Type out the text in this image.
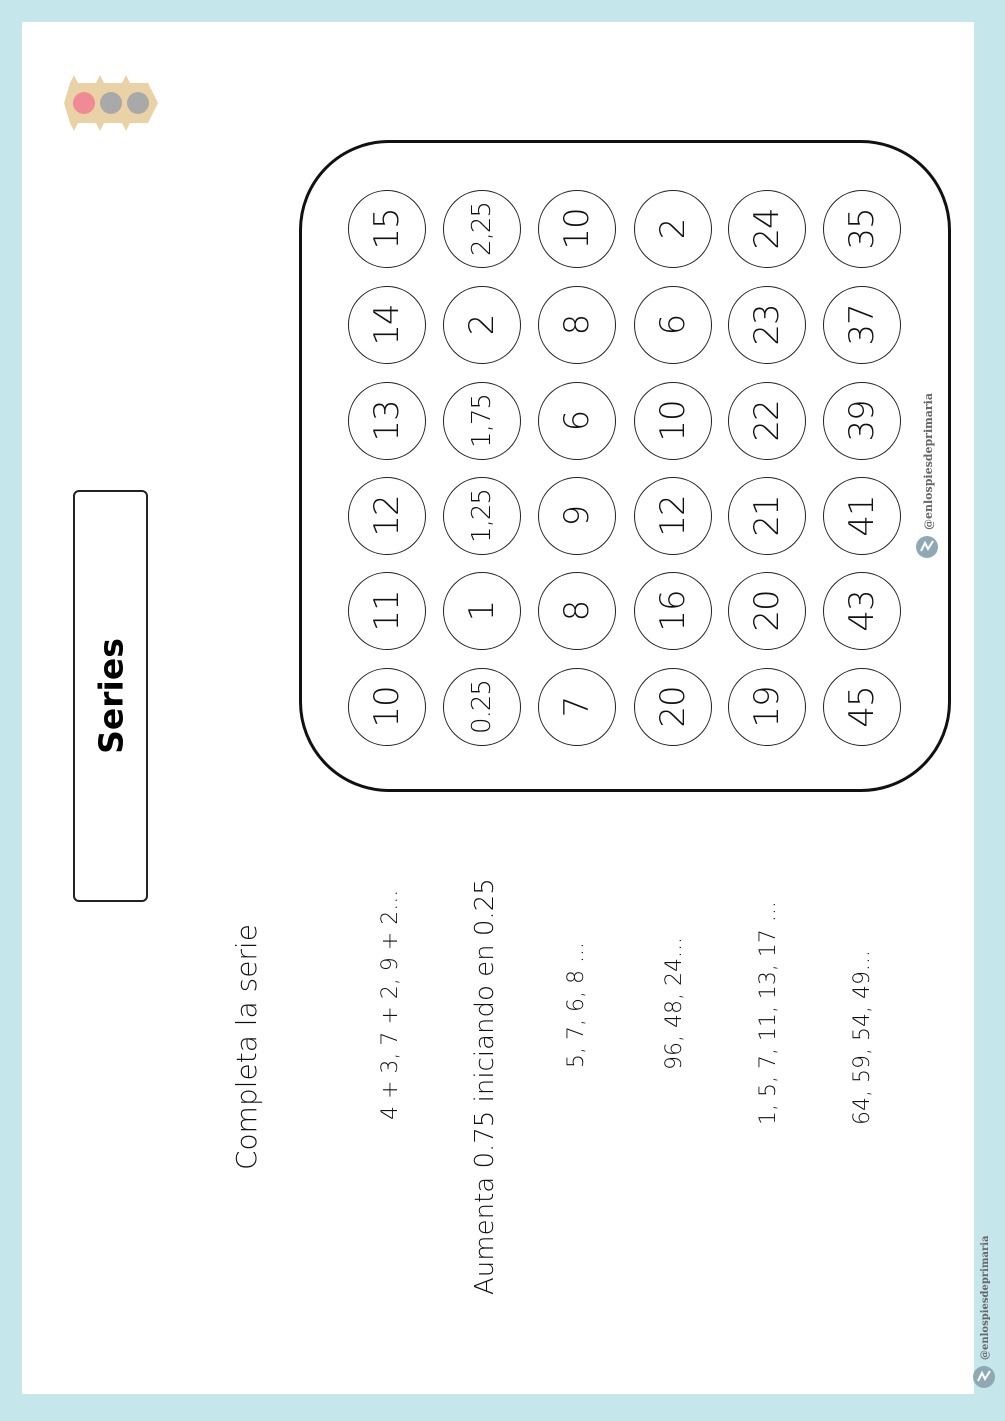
Series
Completa la serie	4 + 3, 7 + 2, 9 + 2...	Aumenta 0.75 iniciando en 0.25	5, 7, 6, 8 ...	96, 48, 24...	1, 5, 7, 11, 13, 17 ...	64, 59, 54, 49...
10
11
12
13
14
15
0.25
1
1,25
1,75
2
2,25
7
8
9
6
8
10
20
16
12
10
6
2
19
20
21
22
23
24
45
43
41
39
37
35
@enlospiesdeprimaria
@enlospiesdeprimaria
